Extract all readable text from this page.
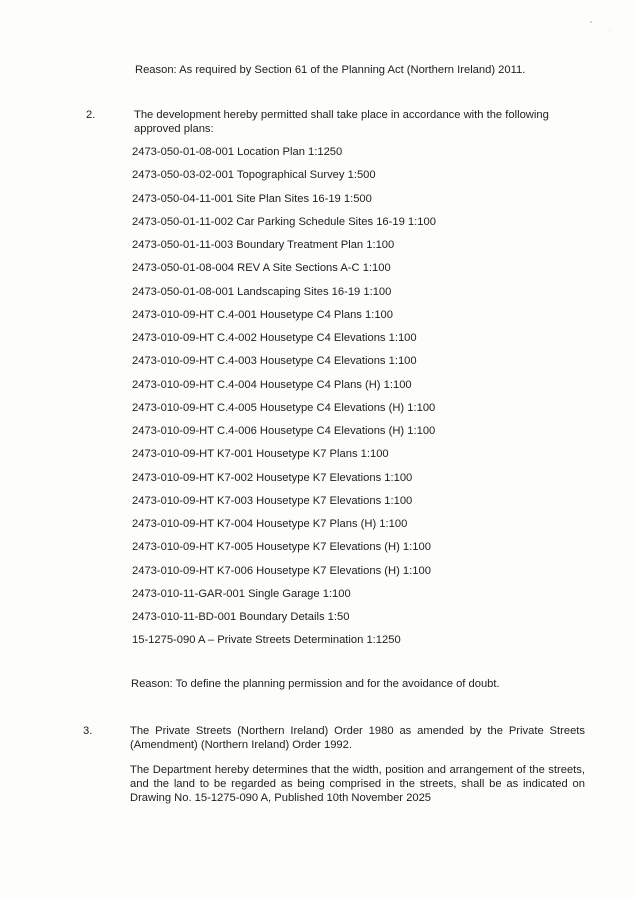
Reason: As required by Section 61 of the Planning Act (Northern Ireland) 2011.
2.	The development hereby permitted shall take place in accordance with the following approved plans:
2473-050-01-08-001 Location Plan 1:1250
2473-050-03-02-001 Topographical Survey 1:500
2473-050-04-11-001 Site Plan Sites 16-19 1:500
2473-050-01-11-002 Car Parking Schedule Sites 16-19 1:100
2473-050-01-11-003 Boundary Treatment Plan 1:100
2473-050-01-08-004 REV A Site Sections A-C 1:100
2473-050-01-08-001 Landscaping Sites 16-19 1:100
2473-010-09-HT C.4-001 Housetype C4 Plans 1:100
2473-010-09-HT C.4-002 Housetype C4 Elevations 1:100
2473-010-09-HT C.4-003 Housetype C4 Elevations 1:100
2473-010-09-HT C.4-004 Housetype C4 Plans (H) 1:100
2473-010-09-HT C.4-005 Housetype C4 Elevations (H) 1:100
2473-010-09-HT C.4-006 Housetype C4 Elevations (H) 1:100
2473-010-09-HT K7-001 Housetype K7 Plans 1:100
2473-010-09-HT K7-002 Housetype K7 Elevations 1:100
2473-010-09-HT K7-003 Housetype K7 Elevations 1:100
2473-010-09-HT K7-004 Housetype K7 Plans (H) 1:100
2473-010-09-HT K7-005 Housetype K7 Elevations (H) 1:100
2473-010-09-HT K7-006 Housetype K7 Elevations (H) 1:100
2473-010-11-GAR-001 Single Garage 1:100
2473-010-11-BD-001 Boundary Details 1:50
15-1275-090 A – Private Streets Determination 1:1250
Reason: To define the planning permission and for the avoidance of doubt.
3.	The Private Streets (Northern Ireland) Order 1980 as amended by the Private Streets (Amendment) (Northern Ireland) Order 1992.
The Department hereby determines that the width, position and arrangement of the streets, and the land to be regarded as being comprised in the streets, shall be as indicated on Drawing No. 15-1275-090 A, Published 10th November 2025
